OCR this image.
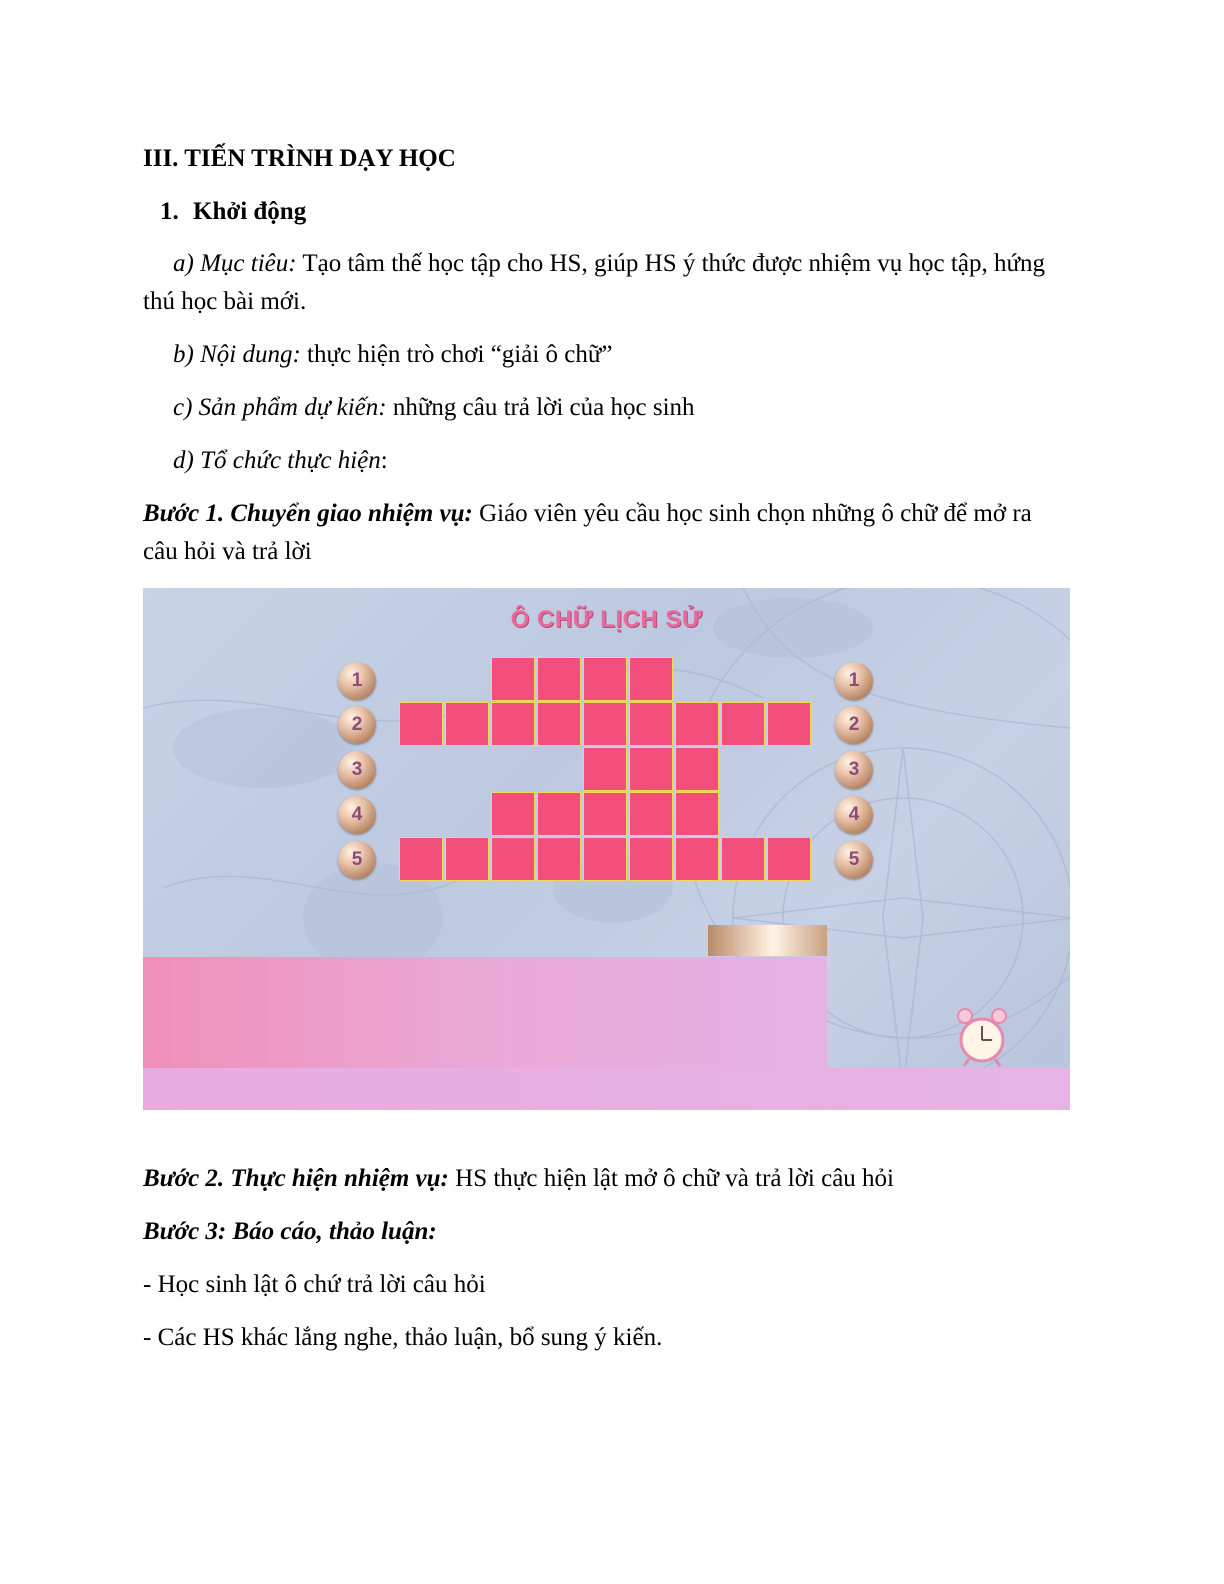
III. TIẾN TRÌNH DẠY HỌC
1. Khởi động
a) Mục tiêu: Tạo tâm thế học tập cho HS, giúp HS ý thức được nhiệm vụ học tập, hứng
thú học bài mới.
b) Nội dung: thực hiện trò chơi “giải ô chữ”
c) Sản phẩm dự kiến: những câu trả lời của học sinh
d) Tổ chức thực hiện:
Bước 1. Chuyển giao nhiệm vụ: Giáo viên yêu cầu học sinh chọn những ô chữ để mở ra
câu hỏi và trả lời
Ô CHỮ LỊCH SỬ
1
2
3
4
5
1
2
3
4
5
Bước 2. Thực hiện nhiệm vụ: HS thực hiện lật mở ô chữ và trả lời câu hỏi
Bước 3: Báo cáo, thảo luận:
- Học sinh lật ô chứ trả lời câu hỏi
- Các HS khác lắng nghe, thảo luận, bổ sung ý kiến.
